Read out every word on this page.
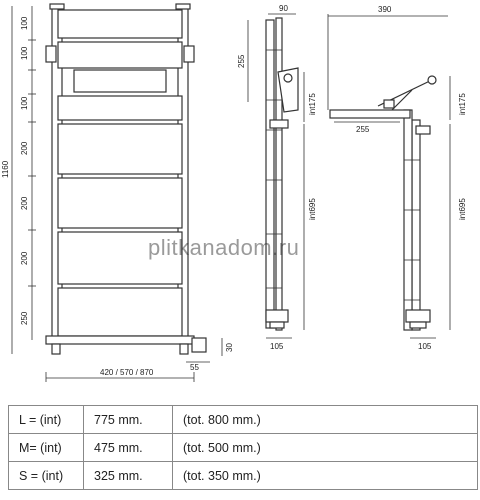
100
100
100
200
200
200
250
1160
420 / 570 / 870
55
30
90
255
int175
int695
105
390
255
int175
int695
105
plitkanadom.ru
L = (int)	775 mm.	(tot. 800 mm.)
M= (int)	475 mm.	(tot. 500 mm.)
S = (int)	325 mm.	(tot. 350 mm.)
